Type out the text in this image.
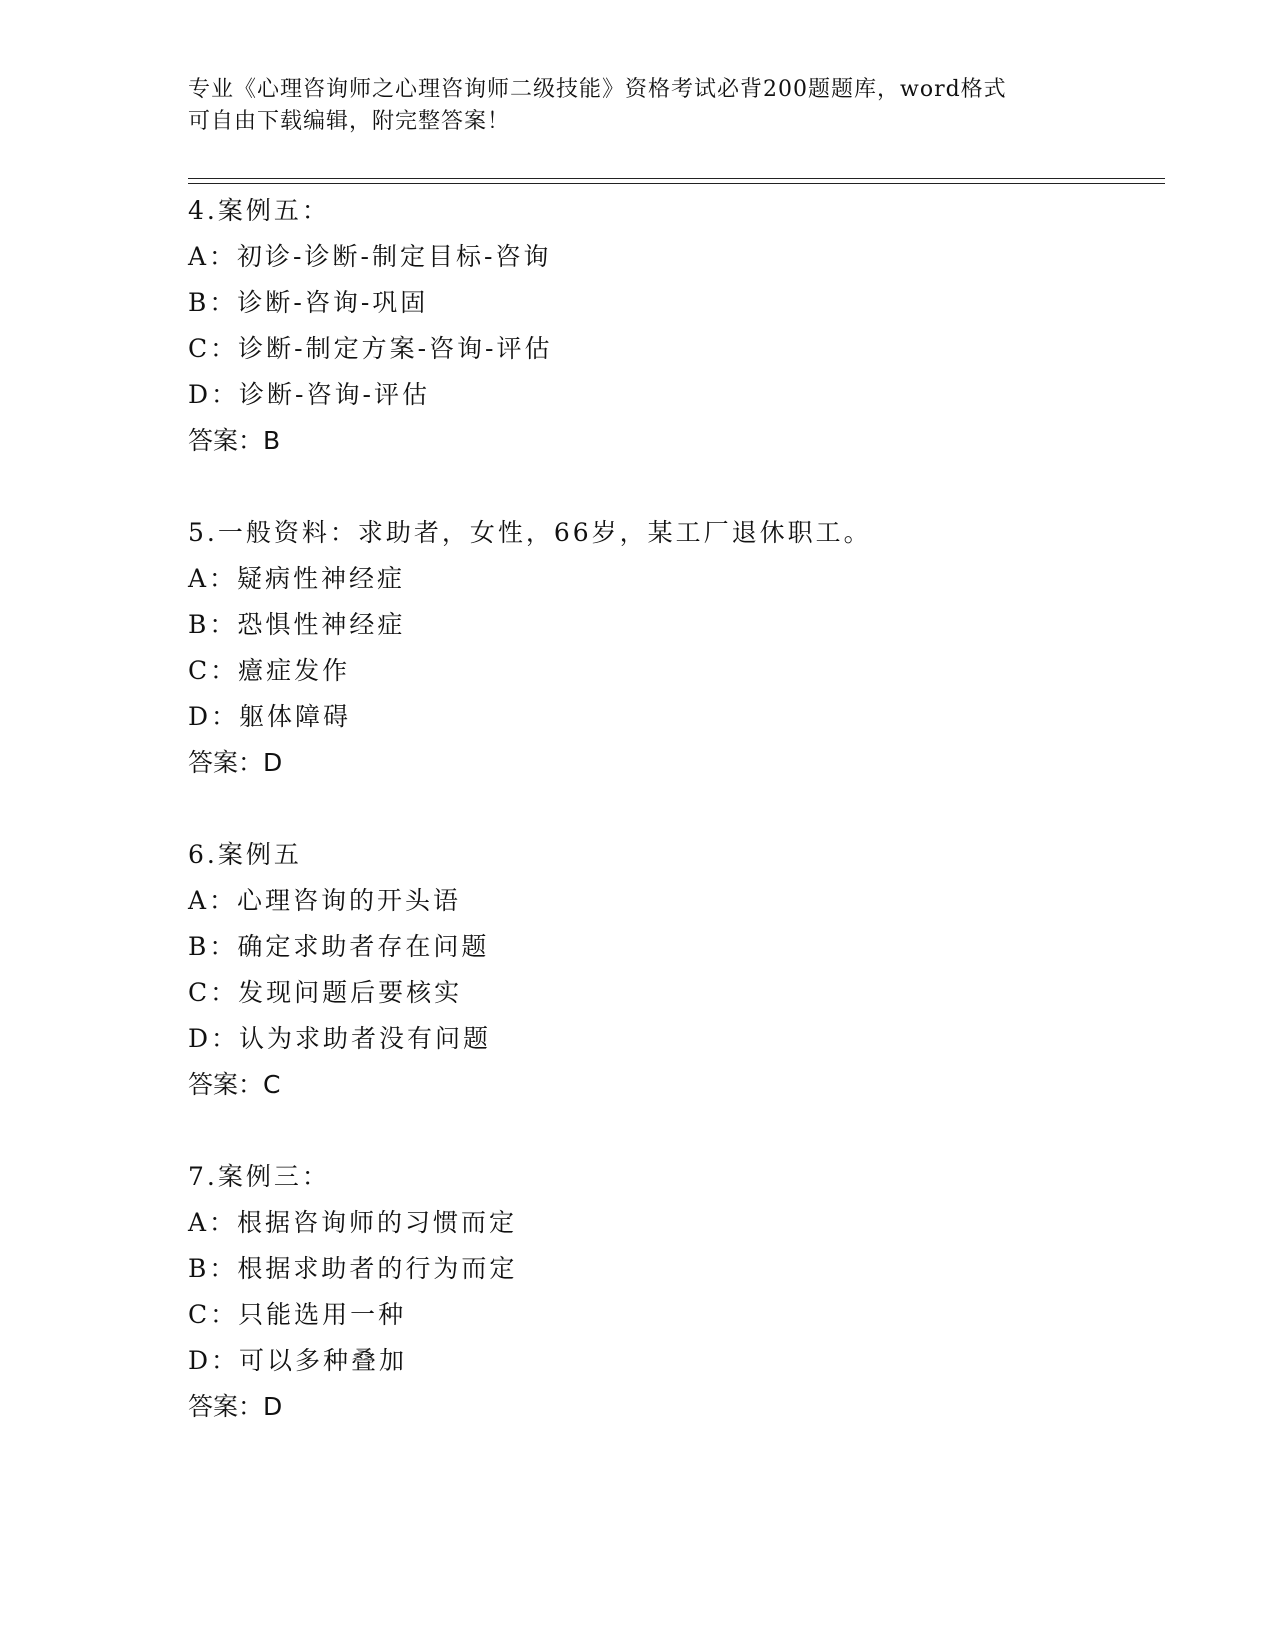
专业《心理咨询师之心理咨询师二级技能》资格考试必背200题题库，word格式
可自由下载编辑，附完整答案！
4.案例五：
A：初诊-诊断-制定目标-咨询
B：诊断-咨询-巩固
C：诊断-制定方案-咨询-评估
D：诊断-咨询-评估
答案：B
5.一般资料：求助者，女性，66岁，某工厂退休职工。
A：疑病性神经症
B：恐惧性神经症
C：癔症发作
D：躯体障碍
答案：D
6.案例五
A：心理咨询的开头语
B：确定求助者存在问题
C：发现问题后要核实
D：认为求助者没有问题
答案：C
7.案例三：
A：根据咨询师的习惯而定
B：根据求助者的行为而定
C：只能选用一种
D：可以多种叠加
答案：D
